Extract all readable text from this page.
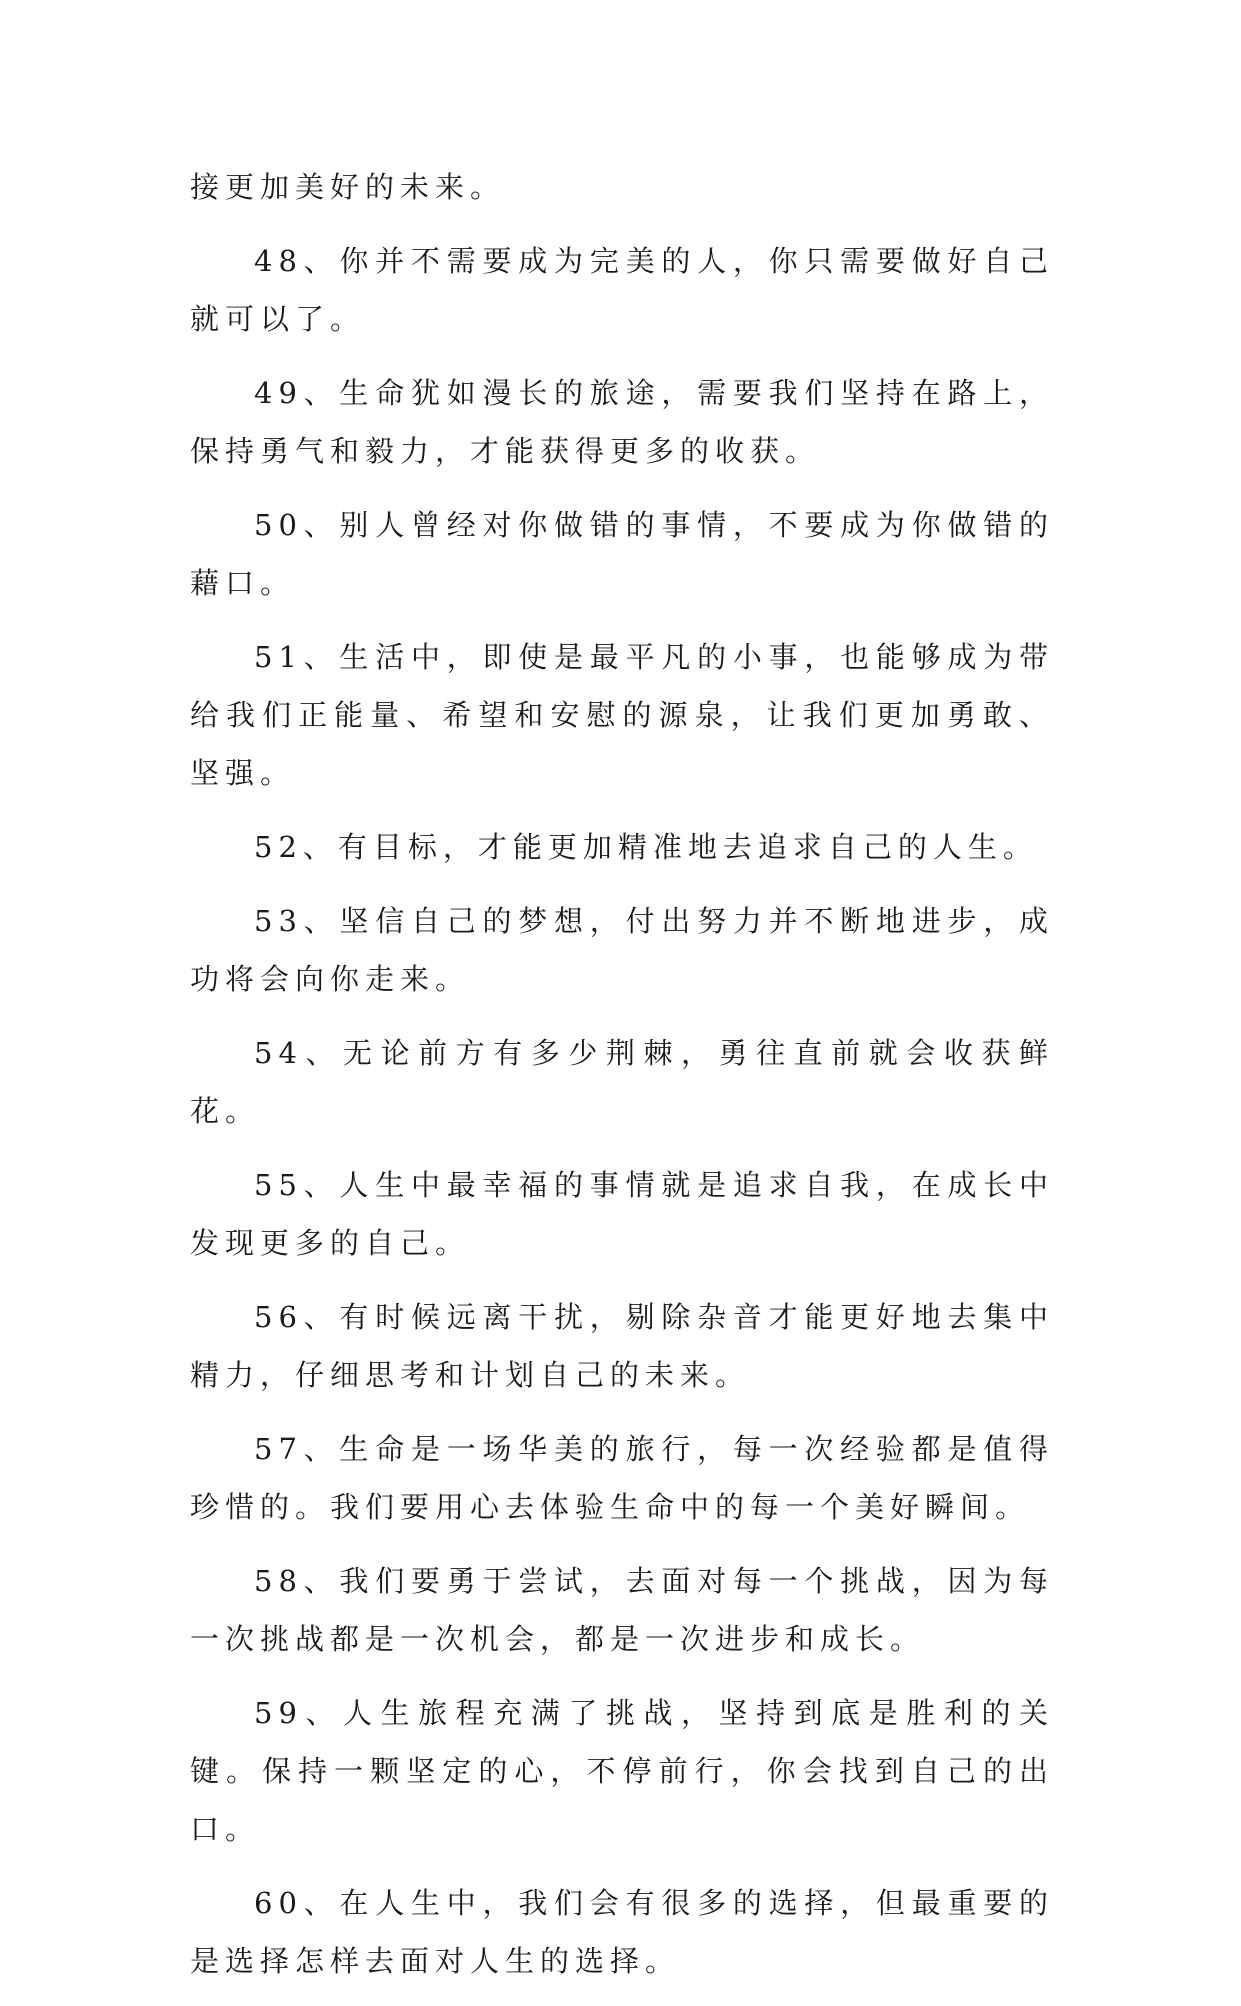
接更加美好的未来。

48、你并不需要成为完美的人，你只需要做好自己就可以了。

49、生命犹如漫长的旅途，需要我们坚持在路上，保持勇气和毅力，才能获得更多的收获。

50、别人曾经对你做错的事情，不要成为你做错的藉口。

51、生活中，即使是最平凡的小事，也能够成为带给我们正能量、希望和安慰的源泉，让我们更加勇敢、坚强。

52、有目标，才能更加精准地去追求自己的人生。

53、坚信自己的梦想，付出努力并不断地进步，成功将会向你走来。

54、无论前方有多少荆棘，勇往直前就会收获鲜花。

55、人生中最幸福的事情就是追求自我，在成长中发现更多的自己。

56、有时候远离干扰，剔除杂音才能更好地去集中精力，仔细思考和计划自己的未来。

57、生命是一场华美的旅行，每一次经验都是值得珍惜的。我们要用心去体验生命中的每一个美好瞬间。

58、我们要勇于尝试，去面对每一个挑战，因为每一次挑战都是一次机会，都是一次进步和成长。

59、人生旅程充满了挑战，坚持到底是胜利的关键。保持一颗坚定的心，不停前行，你会找到自己的出口。

60、在人生中，我们会有很多的选择，但最重要的是选择怎样去面对人生的选择。
